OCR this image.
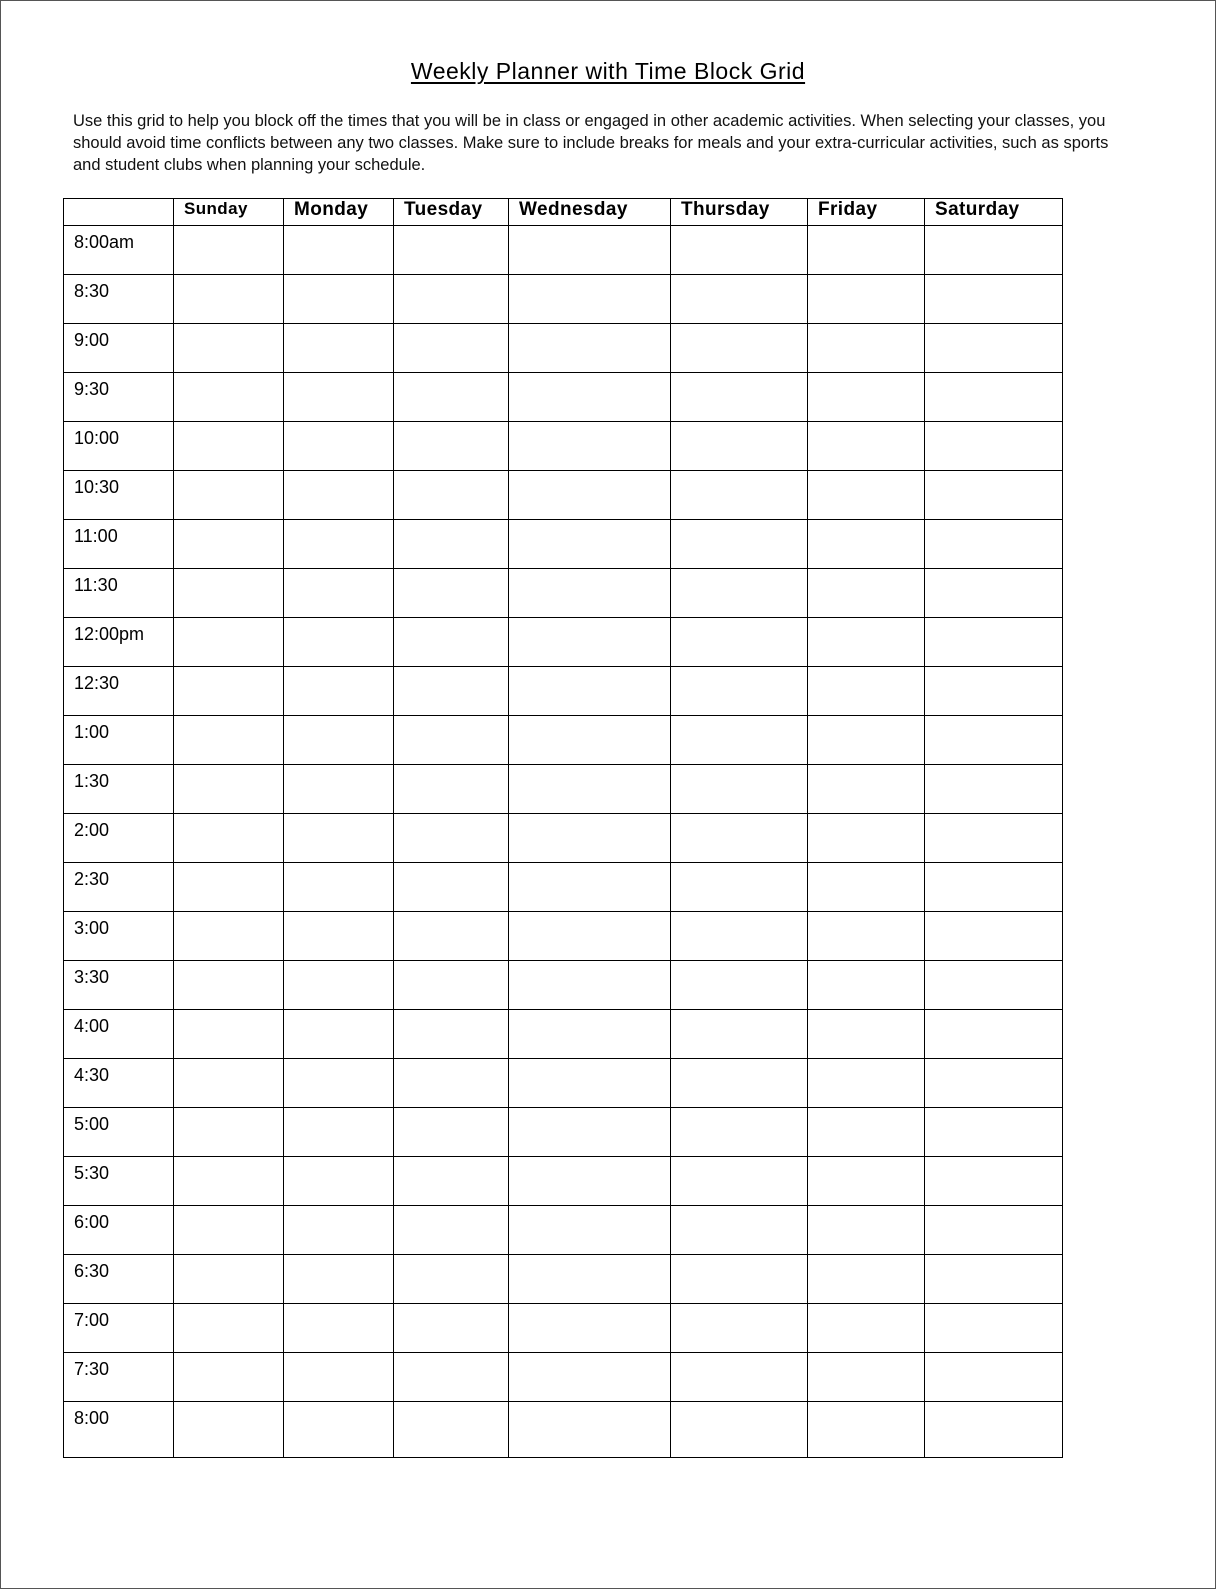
Weekly Planner with Time Block Grid
Use this grid to help you block off the times that you will be in class or engaged in other academic activities. When selecting your classes, you should avoid time conflicts between any two classes. Make sure to include breaks for meals and your extra-curricular activities, such as sports and student clubs when planning your schedule.
	Sunday	Monday	Tuesday	Wednesday	Thursday	Friday	Saturday
8:00am							
8:30							
9:00							
9:30							
10:00							
10:30							
11:00							
11:30							
12:00pm							
12:30							
1:00							
1:30							
2:00							
2:30							
3:00							
3:30							
4:00							
4:30							
5:00							
5:30							
6:00							
6:30							
7:00							
7:30							
8:00							
